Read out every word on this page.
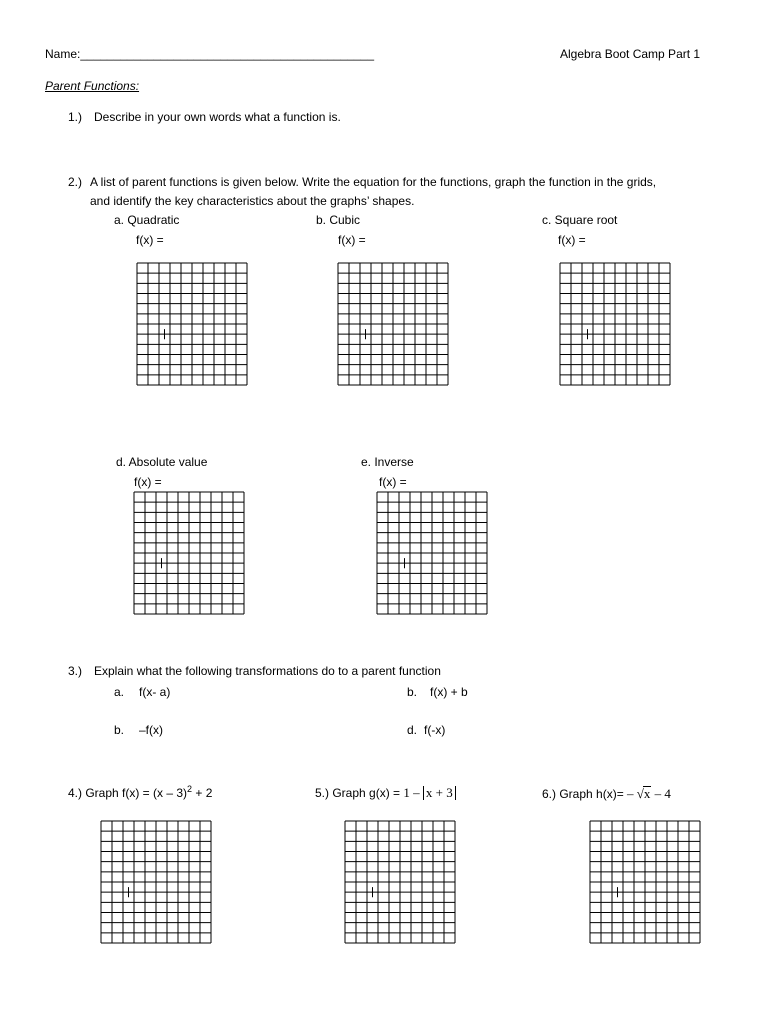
Name:____________________________________________	Algebra Boot Camp Part 1
Parent Functions:
1.) Describe in your own words what a function is.
2.) A list of parent functions is given below. Write the equation for the functions, graph the function in the grids,
and identify the key characteristics about the graphs’ shapes.
a. Quadratic
f(x) =
b. Cubic
f(x) =
c. Square root
f(x) =
d. Absolute value
f(x) =
e. Inverse
f(x) =
3.) Explain what the following transformations do to a parent function
a. f(x- a)	b. f(x) + b
b. –f(x)	d. f(-x)
4.) Graph f(x) = (x – 3)$^2$ + 2	5.) Graph g(x) = 1 – x + 3	6.) Graph h(x)= – √x – 4
